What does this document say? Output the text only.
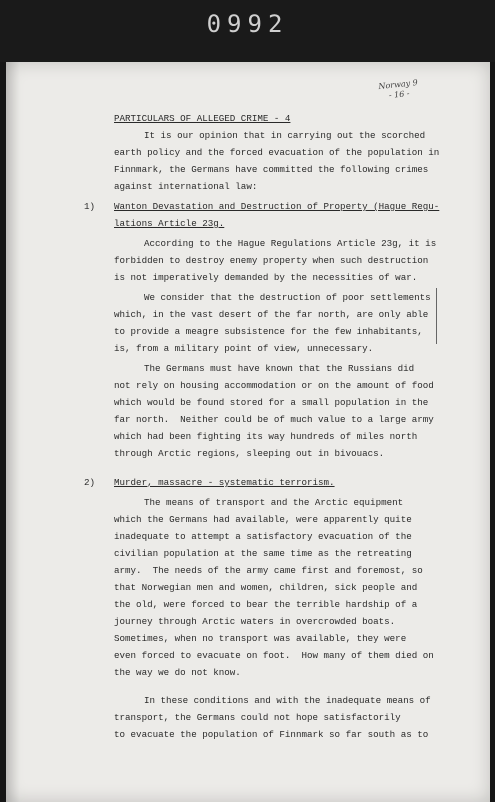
0992
Norway 9
- 16 -
PARTICULARS OF ALLEGED CRIME - 4
It is our opinion that in carrying out the scorched
earth policy and the forced evacuation of the population in
Finnmark, the Germans have committed the following crimes
against international law:
1) Wanton Devastation and Destruction of Property (Hague Regu-
lations Article 23g.
According to the Hague Regulations Article 23g, it is
forbidden to destroy enemy property when such destruction
is not imperatively demanded by the necessities of war.
We consider that the destruction of poor settlements
which, in the vast desert of the far north, are only able
to provide a meagre subsistence for the few inhabitants,
is, from a military point of view, unnecessary.
The Germans must have known that the Russians did
not rely on housing accommodation or on the amount of food
which would be found stored for a small population in the
far north.  Neither could be of much value to a large army
which had been fighting its way hundreds of miles north
through Arctic regions, sleeping out in bivouacs.
2) Murder, massacre - systematic terrorism.
The means of transport and the Arctic equipment
which the Germans had available, were apparently quite
inadequate to attempt a satisfactory evacuation of the
civilian population at the same time as the retreating
army.  The needs of the army came first and foremost, so
that Norwegian men and women, children, sick people and
the old, were forced to bear the terrible hardship of a
journey through Arctic waters in overcrowded boats.
Sometimes, when no transport was available, they were
even forced to evacuate on foot.  How many of them died on
the way we do not know.
In these conditions and with the inadequate means of
transport, the Germans could not hope satisfactorily
to evacuate the population of Finnmark so far south as to
